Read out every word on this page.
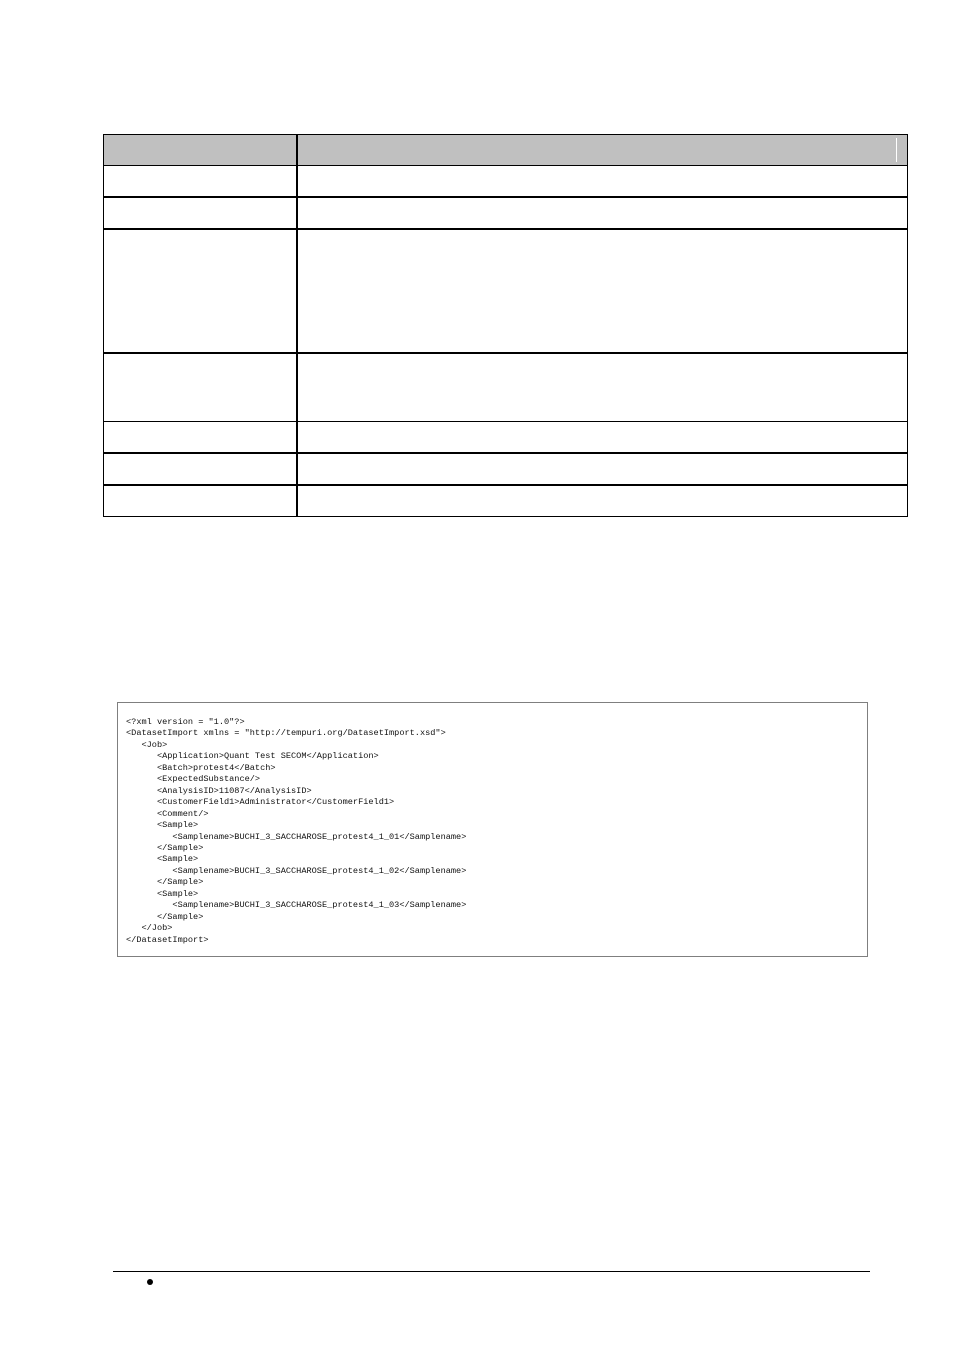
<?xml version = "1.0"?>
<DatasetImport xmlns = "http://tempuri.org/DatasetImport.xsd">
<Job>
<Application>Quant Test SECOM</Application>
<Batch>protest4</Batch>
<ExpectedSubstance/>
<AnalysisID>11087</AnalysisID>
<CustomerField1>Administrator</CustomerField1>
<Comment/>
<Sample>
<Samplename>BUCHI_3_SACCHAROSE_protest4_1_01</Samplename>
</Sample>
<Sample>
<Samplename>BUCHI_3_SACCHAROSE_protest4_1_02</Samplename>
</Sample>
<Sample>
<Samplename>BUCHI_3_SACCHAROSE_protest4_1_03</Samplename>
</Sample>
</Job>
</DatasetImport>
